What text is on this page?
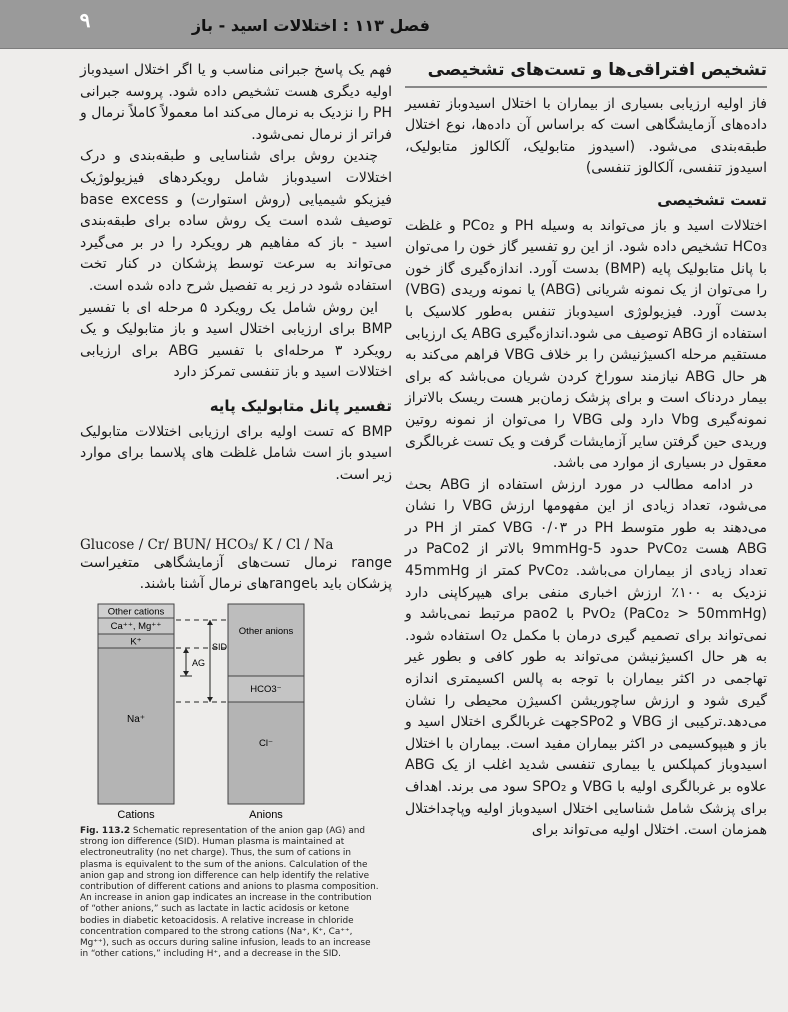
۹	فصل ۱۱۳ : اختلالات اسید - باز
تشخیص افتراقی‌ها و تست‌های تشخیصی

فاز اولیه ارزیابی بسیاری از بیماران با اختلال اسیدوباز تفسیر داده‌های آزمایشگاهی است که براساس آن داده‌ها، نوع اختلال طبقه‌بندی می‌شود. (اسیدوز متابولیک، آلکالوز متابولیک، اسیدوز تنفسی، آلکالوز تنفسی)

تست تشخیصی

اختلالات اسید و باز می‌تواند به وسیله PH و PCo₂ و غلظت HCo₃ تشخیص داده شود. از این رو تفسیر گاز خون را می‌توان با پانل متابولیک پایه (BMP) بدست آورد. اندازه‌گیری گاز خون را می‌توان از یک نمونه شریانی (ABG) یا نمونه وریدی (VBG) بدست آورد. فیزیولوژی اسیدوباز تنفس به‌طور کلاسیک با استفاده از ABG توصیف می شود.اندازه‌گیری ABG یک ارزیابی مستقیم مرحله اکسیژنیشن را بر خلاف VBG فراهم می‌کند به هر حال ABG نیازمند سوراخ کردن شریان می‌باشد که برای بیمار دردناک است و برای پزشک زمان‌بر هست ریسک بالاتراز نمونه‌گیری Vbg دارد ولی VBG را می‌توان از نمونه روتین وریدی حین گرفتن سایر آزمایشات گرفت و یک تست غربالگری معقول در بسیاری از موارد می باشد.

در ادامه مطالب در مورد ارزش استفاده از ABG بحث می‌شود، تعداد زیادی از این مفهومها ارزش VBG را نشان می‌دهند به طور متوسط PH در VBG ۰/۰۳ کمتر از PH در ABG هست PvCo₂ حدود 5-9mmHg بالاتر از PaCo2 در تعداد زیادی از بیماران می‌باشد. PvCo₂ کمتر از 45mmHg نزدیک به ۱۰۰٪ ارزش اخباری منفی برای هیپرکاپنی دارد (PvO₂ (PaCo₂ > 50mmHg با pao2 مرتبط نمی‌باشد و نمی‌تواند برای تصمیم گیری درمان با مکمل O₂ استفاده شود. به هر حال اکسیژنیشن می‌تواند به طور کافی و بطور غیر تهاجمی در اکثر بیماران با توجه به پالس اکسیمتری اندازه گیری شود و ارزش ساچوریشن اکسیژن محیطی را نشان می‌دهد.ترکیبی از VBG و SPo2جهت غربالگری اختلال اسید و باز و هیپوکسیمی در اکثر بیماران مفید است. بیماران با اختلال اسیدوباز کمپلکس یا بیماری تنفسی شدید اغلب از یک ABG علاوه بر غربالگری اولیه با VBG و SPO₂ سود می برند. اهداف برای پزشک شامل شناسایی اختلال اسیدوباز اولیه وپاچداختلال همزمان است. اختلال اولیه می‌تواند برای

فهم یک پاسخ جبرانی مناسب و یا اگر اختلال اسیدوباز اولیه دیگری هست تشخیص داده شود. پروسه جبرانی PH را نزدیک به نرمال می‌کند اما معمولاً کاملاً نرمال و فراتر از نرمال نمی‌شود.

چندین روش برای شناسایی و طبقه‌بندی و درک اختلالات اسیدوباز شامل رویکردهای فیزیولوژیک فیزیکو شیمیایی (روش استوارت) و base excess توصیف شده است یک روش ساده برای طبقه‌بندی اسید - باز که مفاهیم هر رویکرد را در بر می‌گیرد می‌تواند به سرعت توسط پزشکان در کنار تخت استفاده شود در زیر به تفصیل شرح داده شده است.

این روش شامل یک رویکرد ۵ مرحله ای با تفسیر BMP برای ارزیابی اختلال اسید و باز متابولیک و یک رویکرد ۳ مرحله‌ای با تفسیر ABG برای ارزیابی اختلالات اسید و باز تنفسی تمرکز دارد

تفسیر پانل متابولیک پایه

BMP که تست اولیه برای ارزیابی اختلالات متابولیک اسیدو باز است شامل غلظت های پلاسما برای موارد زیر است.

Glucose / Cr/ BUN/ HCO₃/ K / Cl / Na
range نرمال تست‌های آزمایشگاهی متغیراست پزشکان باید باrangeهای نرمال آشنا باشند.
Other cations
Ca⁺⁺, Mg⁺⁺
K⁺
Na⁺
Other anions
HCO3⁻
Cl⁻
AG
SID
Cations	Anions
Fig. 113.2 Schematic representation of the anion gap (AG) and strong ion difference (SID). Human plasma is maintained at electroneutrality (no net charge). Thus, the sum of cations in plasma is equivalent to the sum of the anions. Calculation of the anion gap and strong ion difference can help identify the relative contribution of different cations and anions to plasma composition. An increase in anion gap indicates an increase in the contribution of “other anions,” such as lactate in lactic acidosis or ketone bodies in diabetic ketoacidosis. A relative increase in chloride concentration compared to the strong cations (Na⁺, K⁺, Ca⁺⁺, Mg⁺⁺), such as occurs during saline infusion, leads to an increase in “other cations,” including H⁺, and a decrease in the SID.
